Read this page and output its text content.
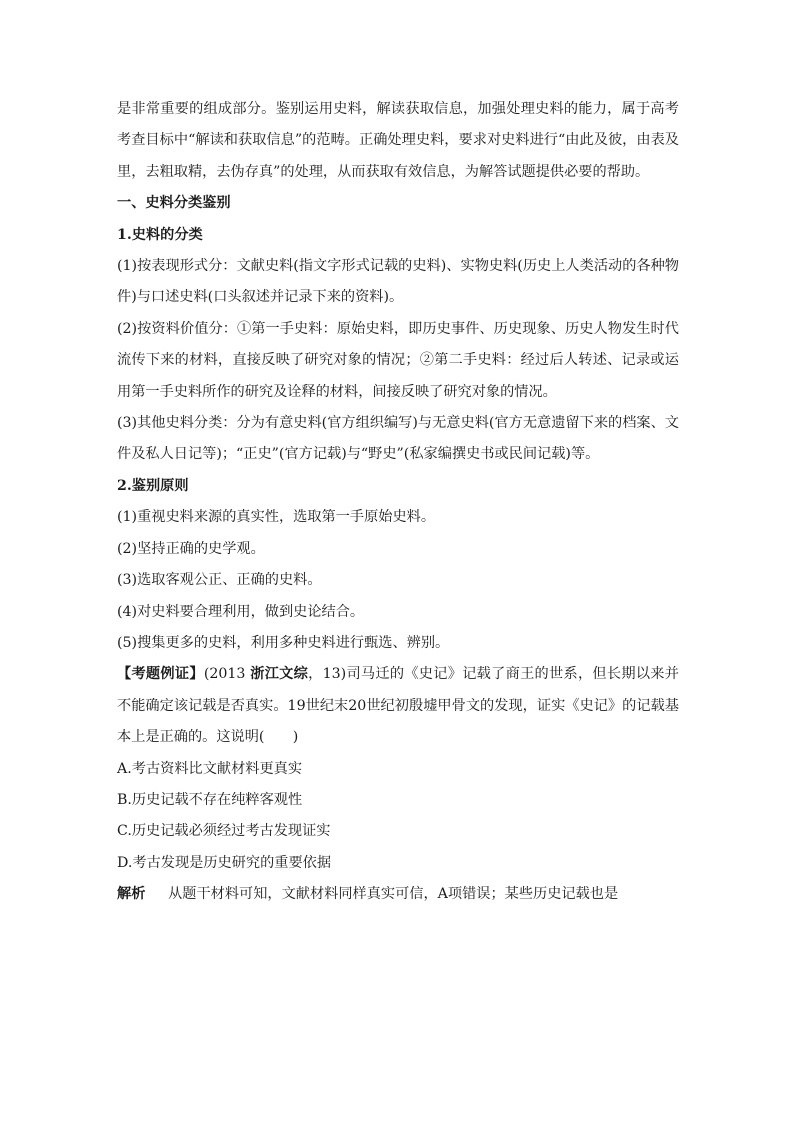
是非常重要的组成部分。鉴别运用史料，解读获取信息，加强处理史料的能力，属于高考考查目标中“解读和获取信息”的范畴。正确处理史料，要求对史料进行“由此及彼，由表及里，去粗取精，去伪存真”的处理，从而获取有效信息，为解答试题提供必要的帮助。

一、史料分类鉴别

1.史料的分类

(1)按表现形式分：文献史料(指文字形式记载的史料)、实物史料(历史上人类活动的各种物件)与口述史料(口头叙述并记录下来的资料)。

(2)按资料价值分：①第一手史料：原始史料，即历史事件、历史现象、历史人物发生时代流传下来的材料，直接反映了研究对象的情况；②第二手史料：经过后人转述、记录或运用第一手史料所作的研究及诠释的材料，间接反映了研究对象的情况。

(3)其他史料分类：分为有意史料(官方组织编写)与无意史料(官方无意遗留下来的档案、文件及私人日记等)；“正史”(官方记载)与“野史”(私家编撰史书或民间记载)等。

2.鉴别原则

(1)重视史料来源的真实性，选取第一手原始史料。

(2)坚持正确的史学观。

(3)选取客观公正、正确的史料。

(4)对史料要合理利用，做到史论结合。

(5)搜集更多的史料，利用多种史料进行甄选、辨别。

【考题例证】(2013 浙江文综，13)司马迁的《史记》记载了商王的世系，但长期以来并不能确定该记载是否真实。19世纪末20世纪初殷墟甲骨文的发现，证实《史记》的记载基本上是正确的。这说明(　　)

A.考古资料比文献材料更真实

B.历史记载不存在纯粹客观性

C.历史记载必须经过考古发现证实

D.考古发现是历史研究的重要依据

解析 从题干材料可知，文献材料同样真实可信，A项错误；某些历史记载也是
